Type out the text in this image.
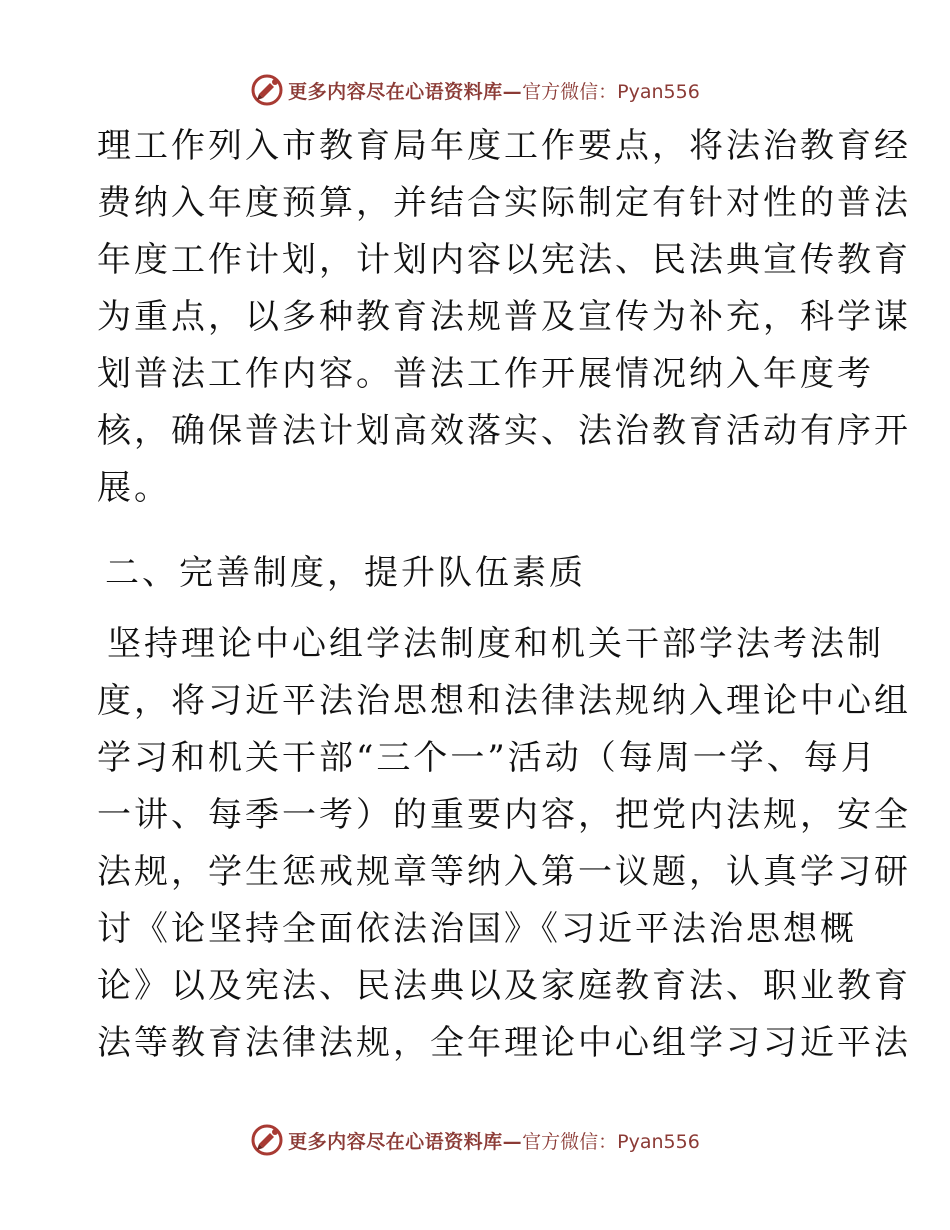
更多内容尽在心语资料库— 官方微信：Pyan556
理工作列入市教育局年度工作要点，将法治教育经
费纳入年度预算，并结合实际制定有针对性的普法
年度工作计划，计划内容以宪法、民法典宣传教育
为重点，以多种教育法规普及宣传为补充，科学谋
划普法工作内容。普法工作开展情况纳入年度考
核，确保普法计划高效落实、法治教育活动有序开
展。
二、完善制度，提升队伍素质
坚持理论中心组学法制度和机关干部学法考法制
度，将习近平法治思想和法律法规纳入理论中心组
学习和机关干部“三个一”活动（每周一学、每月
一讲、每季一考）的重要内容，把党内法规，安全
法规，学生惩戒规章等纳入第一议题，认真学习研
讨《论坚持全面依法治国》《习近平法治思想概
论》以及宪法、民法典以及家庭教育法、职业教育
法等教育法律法规，全年理论中心组学习习近平法
更多内容尽在心语资料库— 官方微信：Pyan556
